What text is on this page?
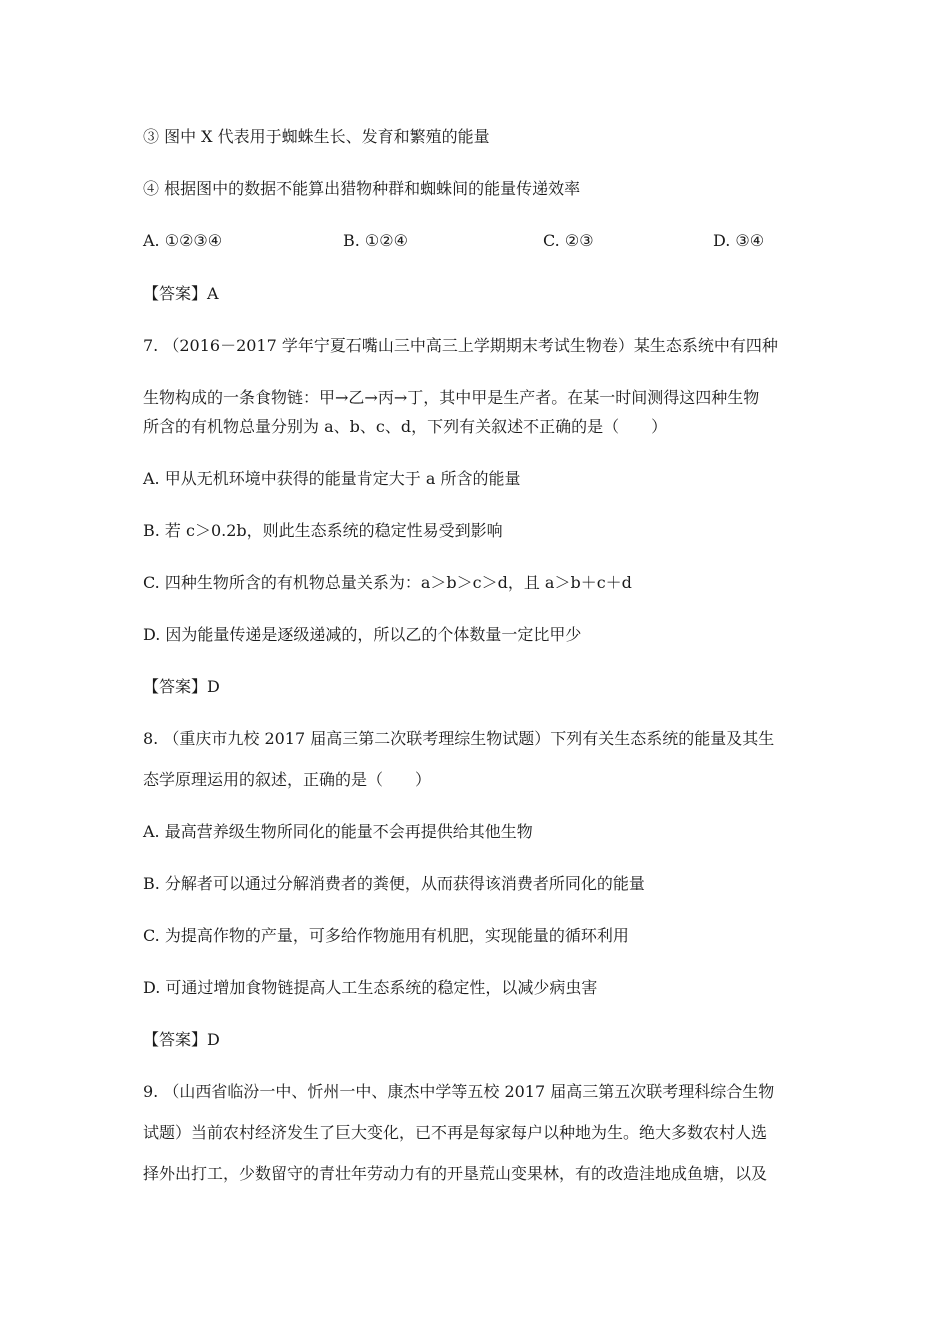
③ 图中 X 代表用于蜘蛛生长、发育和繁殖的能量
④ 根据图中的数据不能算出猎物种群和蜘蛛间的能量传递效率
A. ①②③④	B. ①②④	C. ②③	D. ③④
【答案】A
7. （2016－2017 学年宁夏石嘴山三中高三上学期期末考试生物卷）某生态系统中有四种
生物构成的一条食物链：甲→乙→丙→丁，其中甲是生产者。在某一时间测得这四种生物
所含的有机物总量分别为 a、b、c、d，下列有关叙述不正确的是（　　）
A. 甲从无机环境中获得的能量肯定大于 a 所含的能量
B. 若 c＞0.2b，则此生态系统的稳定性易受到影响
C. 四种生物所含的有机物总量关系为：a＞b＞c＞d，且 a＞b＋c＋d
D. 因为能量传递是逐级递减的，所以乙的个体数量一定比甲少
【答案】D
8. （重庆市九校 2017 届高三第二次联考理综生物试题）下列有关生态系统的能量及其生
态学原理运用的叙述，正确的是（　　）
A. 最高营养级生物所同化的能量不会再提供给其他生物
B. 分解者可以通过分解消费者的粪便，从而获得该消费者所同化的能量
C. 为提高作物的产量，可多给作物施用有机肥，实现能量的循环利用
D. 可通过增加食物链提高人工生态系统的稳定性，以减少病虫害
【答案】D
9. （山西省临汾一中、忻州一中、康杰中学等五校 2017 届高三第五次联考理科综合生物
试题）当前农村经济发生了巨大变化，已不再是每家每户以种地为生。绝大多数农村人选
择外出打工，少数留守的青壮年劳动力有的开垦荒山变果林，有的改造洼地成鱼塘，以及
